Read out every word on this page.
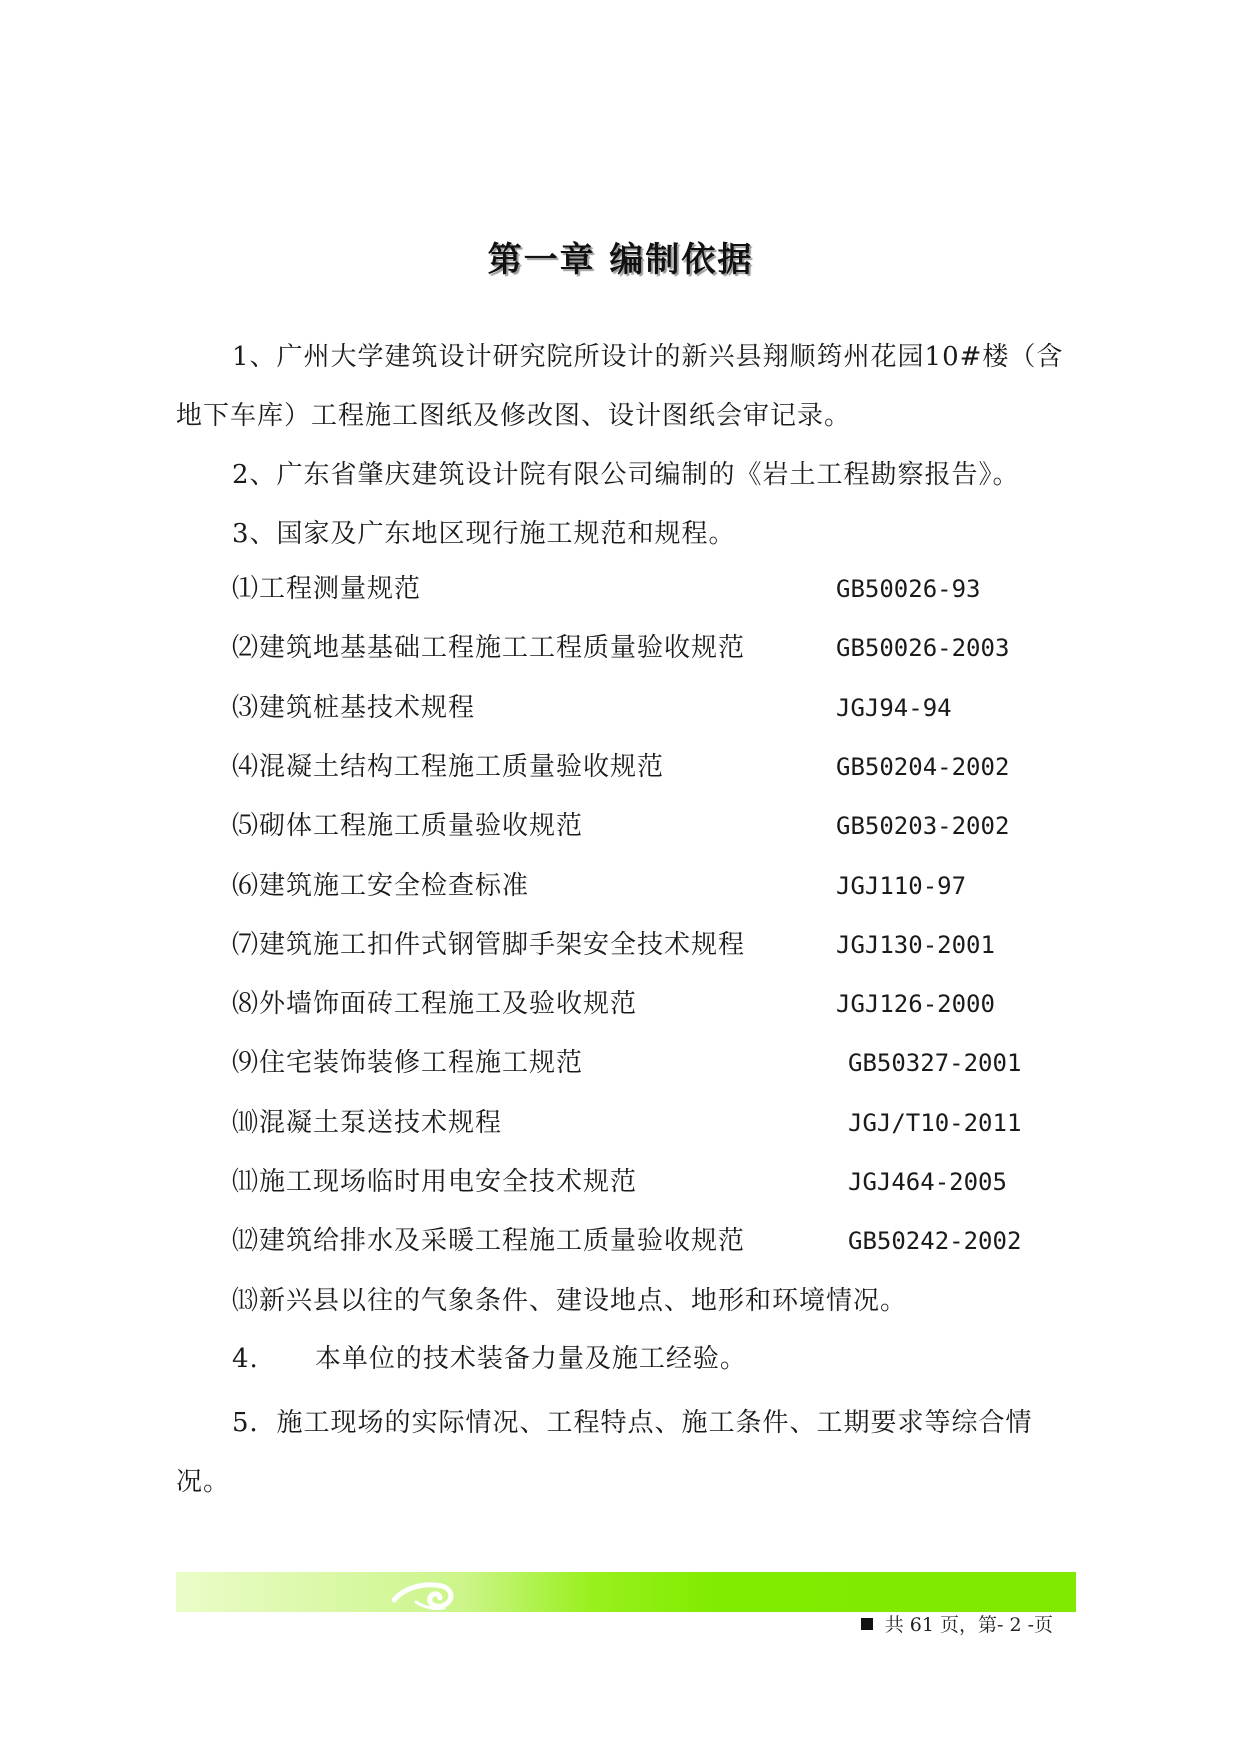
第一章 编制依据
1、广州大学建筑设计研究院所设计的新兴县翔顺筠州花园10#楼（含地下车库）工程施工图纸及修改图、设计图纸会审记录。
2、广东省肇庆建筑设计院有限公司编制的《岩土工程勘察报告》。
3、国家及广东地区现行施工规范和规程。
⑴工程测量规范	GB50026-93
⑵建筑地基基础工程施工工程质量验收规范	GB50026-2003
⑶建筑桩基技术规程	JGJ94-94
⑷混凝土结构工程施工质量验收规范	GB50204-2002
⑸砌体工程施工质量验收规范	GB50203-2002
⑹建筑施工安全检查标准	JGJ110-97
⑺建筑施工扣件式钢管脚手架安全技术规程	JGJ130-2001
⑻外墙饰面砖工程施工及验收规范	JGJ126-2000
⑼住宅装饰装修工程施工规范	GB50327-2001
⑽混凝土泵送技术规程	JGJ/T10-2011
⑾施工现场临时用电安全技术规范	JGJ464-2005
⑿建筑给排水及采暖工程施工质量验收规范	GB50242-2002
⒀新兴县以往的气象条件、建设地点、地形和环境情况。
4. 本单位的技术装备力量及施工经验。
5．施工现场的实际情况、工程特点、施工条件、工期要求等综合情况。
共 61 页，第- 2 -页
